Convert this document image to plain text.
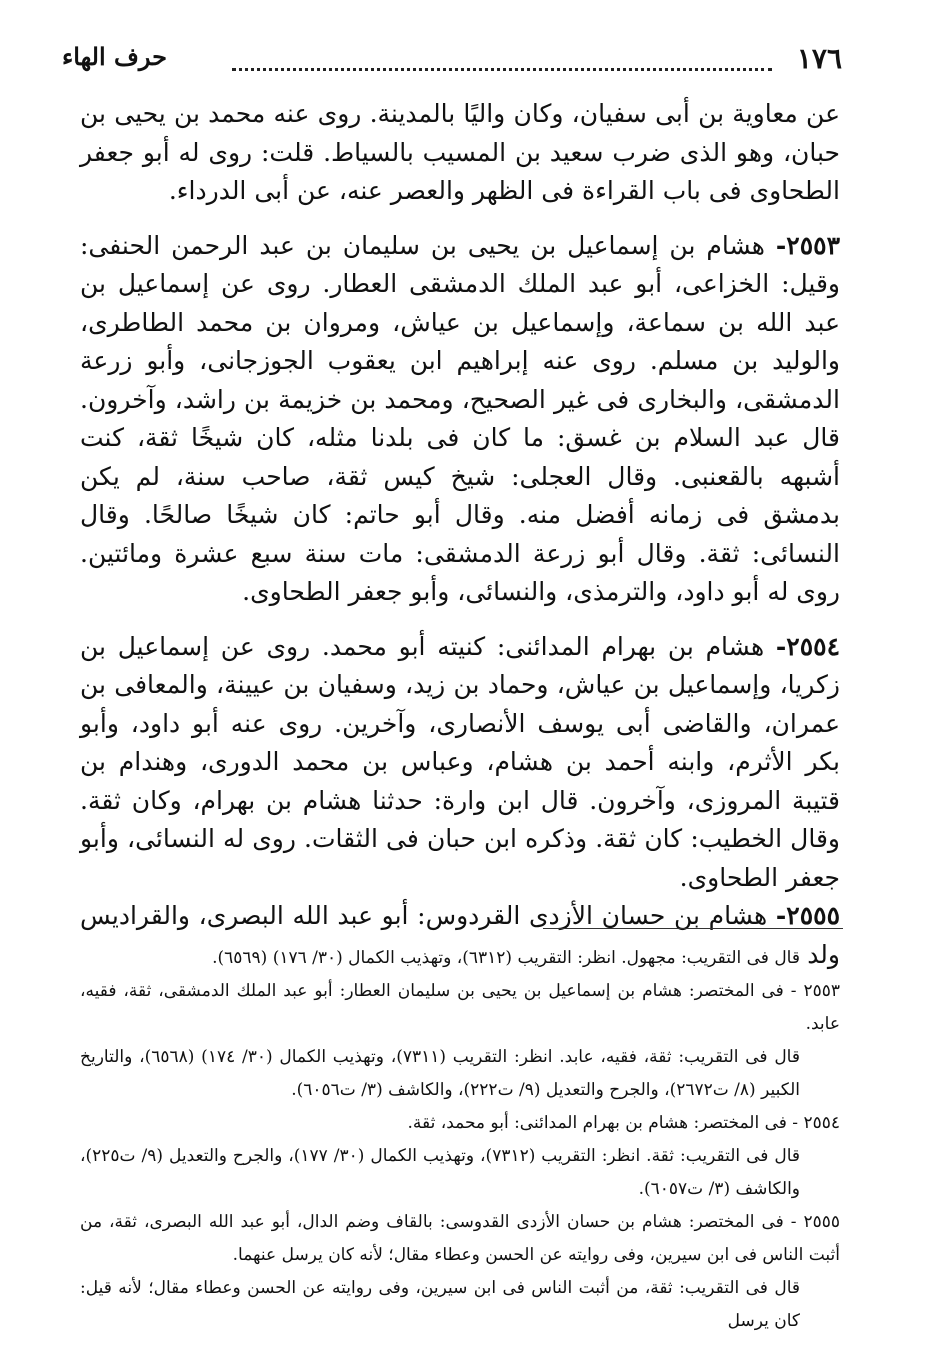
١٧٦
حرف الهاء

عن معاوية بن أبى سفيان، وكان واليًا بالمدينة. روى عنه محمد بن يحيى بن حبان، وهو الذى ضرب سعيد بن المسيب بالسياط. قلت: روى له أبو جعفر الطحاوى فى باب القراءة فى الظهر والعصر عنه، عن أبى الدرداء.

٢٥٥٣- هشام بن إسماعيل بن يحيى بن سليمان بن عبد الرحمن الحنفى: وقيل: الخزاعى، أبو عبد الملك الدمشقى العطار. روى عن إسماعيل بن عبد الله بن سماعة، وإسماعيل بن عياش، ومروان بن محمد الطاطرى، والوليد بن مسلم. روى عنه إبراهيم ابن يعقوب الجوزجانى، وأبو زرعة الدمشقى، والبخارى فى غير الصحيح، ومحمد بن خزيمة بن راشد، وآخرون. قال عبد السلام بن غسق: ما كان فى بلدنا مثله، كان شيخًا ثقة، كنت أشبهه بالقعنبى. وقال العجلى: شيخ كيس ثقة، صاحب سنة، لم يكن بدمشق فى زمانه أفضل منه. وقال أبو حاتم: كان شيخًا صالحًا. وقال النسائى: ثقة. وقال أبو زرعة الدمشقى: مات سنة سبع عشرة ومائتين. روى له أبو داود، والترمذى، والنسائى، وأبو جعفر الطحاوى.

٢٥٥٤- هشام بن بهرام المدائنى: كنيته أبو محمد. روى عن إسماعيل بن زكريا، وإسماعيل بن عياش، وحماد بن زيد، وسفيان بن عيينة، والمعافى بن عمران، والقاضى أبى يوسف الأنصارى، وآخرين. روى عنه أبو داود، وأبو بكر الأثرم، وابنه أحمد بن هشام، وعباس بن محمد الدورى، وهندام بن قتيبة المروزى، وآخرون. قال ابن وارة: حدثنا هشام بن بهرام، وكان ثقة. وقال الخطيب: كان ثقة. وذكره ابن حبان فى الثقات. روى له النسائى، وأبو جعفر الطحاوى.

٢٥٥٥- هشام بن حسان الأزدى القردوس: أبو عبد الله البصرى، والقراديس ولد

قال فى التقريب: مجهول. انظر: التقريب (٦٣١٢)، وتهذيب الكمال (٣٠/ ١٧٦) (٦٥٦٩).

٢٥٥٣ - فى المختصر: هشام بن إسماعيل بن يحيى بن سليمان العطار: أبو عبد الملك الدمشقى، ثقة، فقيه، عابد.

قال فى التقريب: ثقة، فقيه، عابد. انظر: التقريب (٧٣١١)، وتهذيب الكمال (٣٠/ ١٧٤) (٦٥٦٨)، والتاريخ الكبير (٨/ ت٢٦٧٢)، والجرح والتعديل (٩/ ت٢٢٢)، والكاشف (٣/ ت٦٠٥٦).

٢٥٥٤ - فى المختصر: هشام بن بهرام المدائنى: أبو محمد، ثقة.

قال فى التقريب: ثقة. انظر: التقريب (٧٣١٢)، وتهذيب الكمال (٣٠/ ١٧٧)، والجرح والتعديل (٩/ ت٢٢٥)، والكاشف (٣/ ت٦٠٥٧).

٢٥٥٥ - فى المختصر: هشام بن حسان الأزدى القدوسى: بالقاف وضم الدال، أبو عبد الله البصرى، ثقة، من أثبت الناس فى ابن سيرين، وفى روايته عن الحسن وعطاء مقال؛ لأنه كان يرسل عنهما.

قال فى التقريب: ثقة، من أثبت الناس فى ابن سيرين، وفى روايته عن الحسن وعطاء مقال؛ لأنه قيل: كان يرسل
